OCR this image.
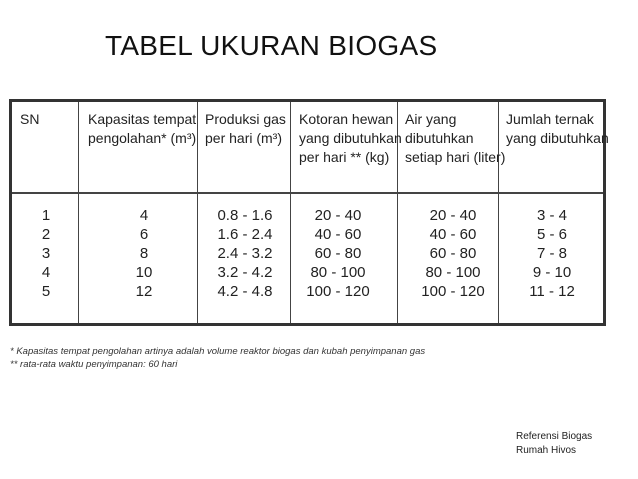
TABEL UKURAN BIOGAS
SN	Kapasitas tempat
pengolahan* (m³)
Produksi gas
per hari (m³)
Kotoran hewan
yang dibutuhkan
per hari ** (kg)
Air yang
dibutuhkan
setiap hari (liter)
Jumlah ternak
yang dibutuhkan
1
2
3
4
5
4
6
8
10
12
0.8 - 1.6
1.6 - 2.4
2.4 - 3.2
3.2 - 4.2
4.2 - 4.8
20 - 40
40 - 60
60 - 80
80 - 100
100 - 120
20 - 40
40 - 60
60 - 80
80 - 100
100 - 120
3 - 4
5 - 6
7 - 8
9 - 10
11 - 12
* Kapasitas tempat pengolahan artinya adalah volume reaktor biogas dan kubah penyimpanan gas
** rata-rata waktu penyimpanan: 60 hari
Referensi Biogas
Rumah Hivos
